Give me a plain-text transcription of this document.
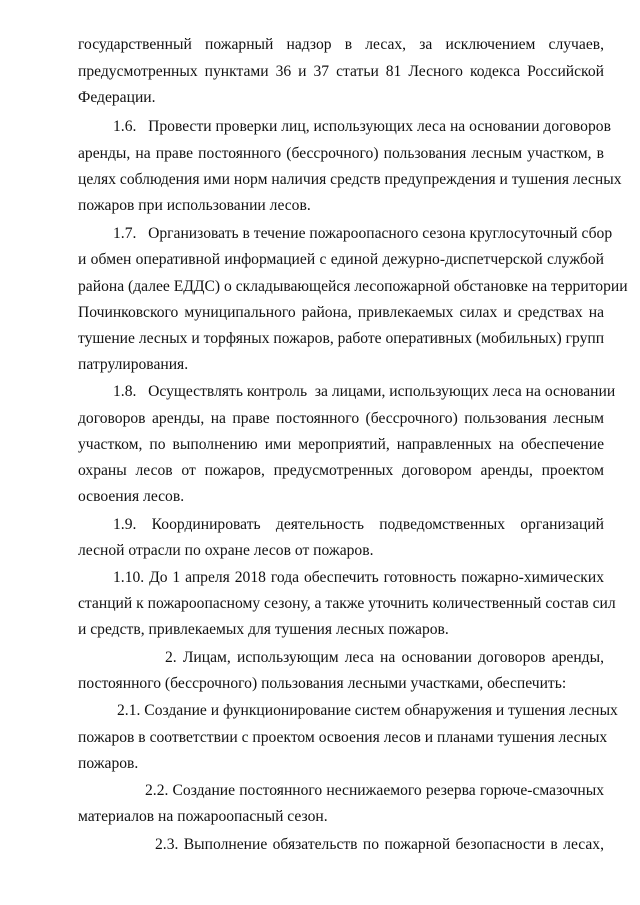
государственный пожарный надзор в лесах, за исключением случаев,
предусмотренных пунктами 36 и 37 статьи 81 Лесного кодекса Российской
Федерации.
1.6.   Провести проверки лиц, использующих леса на основании договоров
аренды, на праве постоянного (бессрочного) пользования лесным участком, в
целях соблюдения ими норм наличия средств предупреждения и тушения лесных
пожаров при использовании лесов.
1.7.   Организовать в течение пожароопасного сезона круглосуточный сбор
и обмен оперативной информацией с единой дежурно-диспетчерской службой
района (далее ЕДДС) о складывающейся лесопожарной обстановке на территории
Починковского муниципального района, привлекаемых силах и средствах на
тушение лесных и торфяных пожаров, работе оперативных (мобильных) групп
патрулирования.
1.8.   Осуществлять контроль  за лицами, использующих леса на основании
договоров аренды, на праве постоянного (бессрочного) пользования лесным
участком, по выполнению ими мероприятий, направленных на обеспечение
охраны лесов от пожаров, предусмотренных договором аренды, проектом
освоения лесов.
1.9. Координировать деятельность подведомственных организаций
лесной отрасли по охране лесов от пожаров.
1.10. До 1 апреля 2018 года обеспечить готовность пожарно-химических
станций к пожароопасному сезону, а также уточнить количественный состав сил
и средств, привлекаемых для тушения лесных пожаров.
2. Лицам, использующим леса на основании договоров аренды,
постоянного (бессрочного) пользования лесными участками, обеспечить:
2.1. Создание и функционирование систем обнаружения и тушения лесных
пожаров в соответствии с проектом освоения лесов и планами тушения лесных
пожаров.
2.2. Создание постоянного неснижаемого резерва горюче-смазочных
материалов на пожароопасный сезон.
2.3. Выполнение обязательств по пожарной безопасности в лесах,
